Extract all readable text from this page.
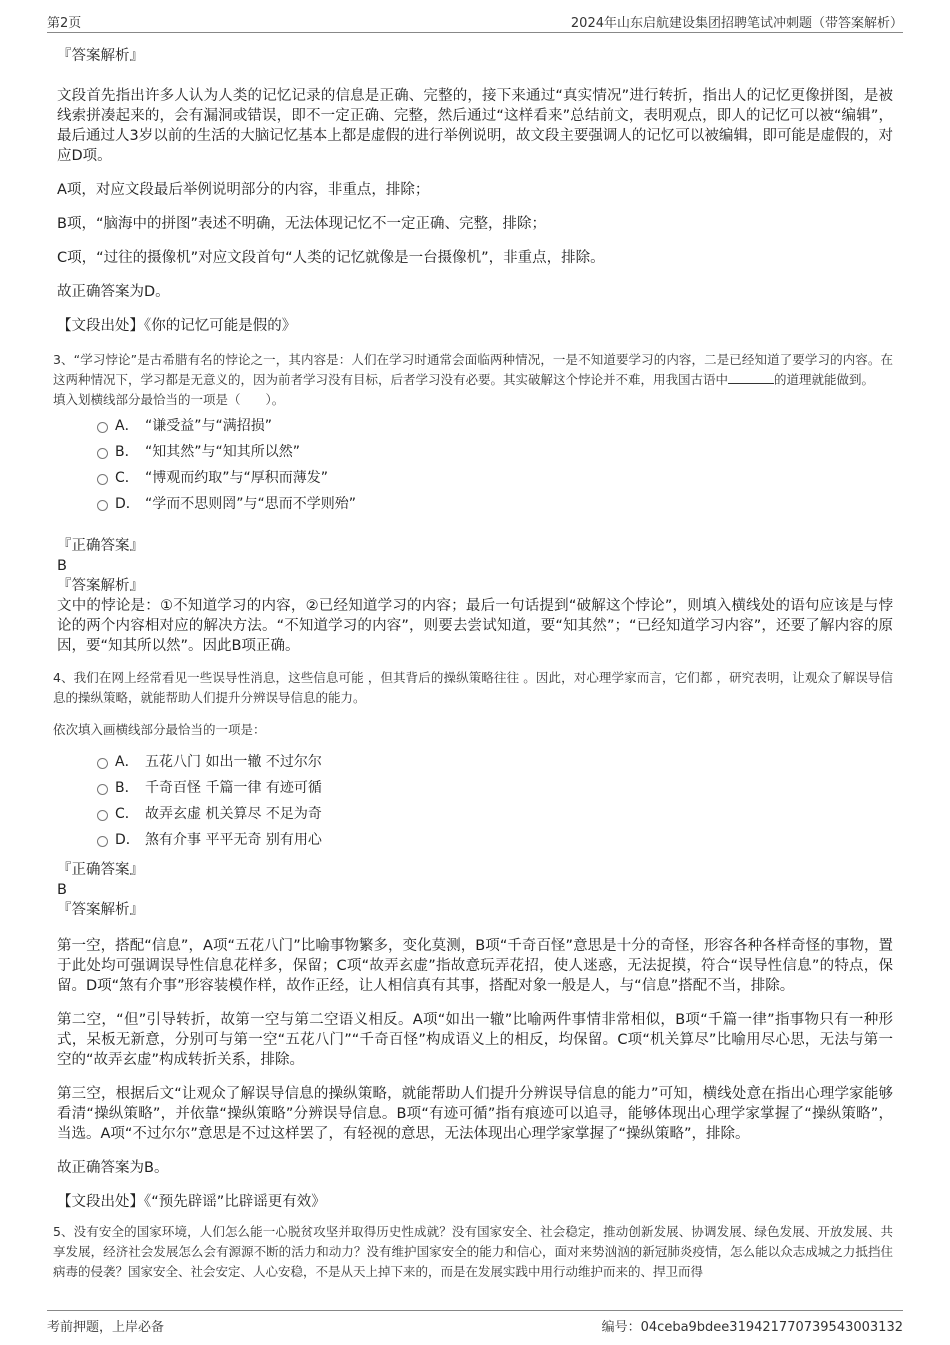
第2页	2024年山东启航建设集团招聘笔试冲刺题（带答案解析）

『答案解析』

文段首先指出许多人认为人类的记忆记录的信息是正确、完整的，接下来通过“真实情况”进行转折，指出人的记忆更像拼图，是被线索拼凑起来的，会有漏洞或错误，即不一定正确、完整，然后通过“这样看来”总结前文，表明观点，即人的记忆可以被“编辑”，最后通过人3岁以前的生活的大脑记忆基本上都是虚假的进行举例说明，故文段主要强调人的记忆可以被编辑，即可能是虚假的，对应D项。

A项，对应文段最后举例说明部分的内容，非重点，排除；

B项，“脑海中的拼图”表述不明确，无法体现记忆不一定正确、完整，排除；

C项，“过往的摄像机”对应文段首句“人类的记忆就像是一台摄像机”，非重点，排除。

故正确答案为D。

【文段出处】《你的记忆可能是假的》

3、“学习悖论”是古希腊有名的悖论之一，其内容是：人们在学习时通常会面临两种情况，一是不知道要学习的内容，二是已经知道了要学习的内容。在这两种情况下，学习都是无意义的，因为前者学习没有目标，后者学习没有必要。其实破解这个悖论并不难，用我国古语中	的道理就能做到。

填入划横线部分最恰当的一项是（　　）。

A． “谦受益”与“满招损”
B． “知其然”与“知其所以然”
C． “博观而约取”与“厚积而薄发”
D． “学而不思则罔”与“思而不学则殆”

『正确答案』

B

『答案解析』

文中的悖论是：①不知道学习的内容，②已经知道学习的内容；最后一句话提到“破解这个悖论”，则填入横线处的语句应该是与悖论的两个内容相对应的解决方法。“不知道学习的内容”，则要去尝试知道，要“知其然”；“已经知道学习内容”，还要了解内容的原因，要“知其所以然”。因此B项正确。

4、我们在网上经常看见一些误导性消息，这些信息可能 ，但其背后的操纵策略往往 。因此，对心理学家而言，它们都 ，研究表明，让观众了解误导信息的操纵策略，就能帮助人们提升分辨误导信息的能力。

依次填入画横线部分最恰当的一项是：

A． 五花八门 如出一辙 不过尔尔
B． 千奇百怪 千篇一律 有迹可循
C． 故弄玄虚 机关算尽 不足为奇
D． 煞有介事 平平无奇 别有用心

『正确答案』

B

『答案解析』

第一空，搭配“信息”，A项“五花八门”比喻事物繁多，变化莫测，B项“千奇百怪”意思是十分的奇怪，形容各种各样奇怪的事物，置于此处均可强调误导性信息花样多，保留；C项“故弄玄虚”指故意玩弄花招，使人迷惑，无法捉摸，符合“误导性信息”的特点，保留。D项“煞有介事”形容装模作样，故作正经，让人相信真有其事，搭配对象一般是人，与“信息”搭配不当，排除。

第二空，“但”引导转折，故第一空与第二空语义相反。A项“如出一辙”比喻两件事情非常相似，B项“千篇一律”指事物只有一种形式，呆板无新意，分别可与第一空“五花八门”“千奇百怪”构成语义上的相反，均保留。C项“机关算尽”比喻用尽心思，无法与第一空的“故弄玄虚”构成转折关系，排除。

第三空，根据后文“让观众了解误导信息的操纵策略，就能帮助人们提升分辨误导信息的能力”可知，横线处意在指出心理学家能够看清“操纵策略”，并依靠“操纵策略”分辨误导信息。B项“有迹可循”指有痕迹可以追寻，能够体现出心理学家掌握了“操纵策略”，当选。A项“不过尔尔”意思是不过这样罢了，有轻视的意思，无法体现出心理学家掌握了“操纵策略”，排除。

故正确答案为B。

【文段出处】《“预先辟谣”比辟谣更有效》

5、没有安全的国家环境，人们怎么能一心脱贫攻坚并取得历史性成就？没有国家安全、社会稳定，推动创新发展、协调发展、绿色发展、开放发展、共享发展，经济社会发展怎么会有源源不断的活力和动力？没有维护国家安全的能力和信心，面对来势汹汹的新冠肺炎疫情，怎么能以众志成城之力抵挡住病毒的侵袭？国家安全、社会安定、人心安稳，不是从天上掉下来的，而是在发展实践中用行动维护而来的、捍卫而得

考前押题，上岸必备	编号：04ceba9bdee3194217707395430031​32
